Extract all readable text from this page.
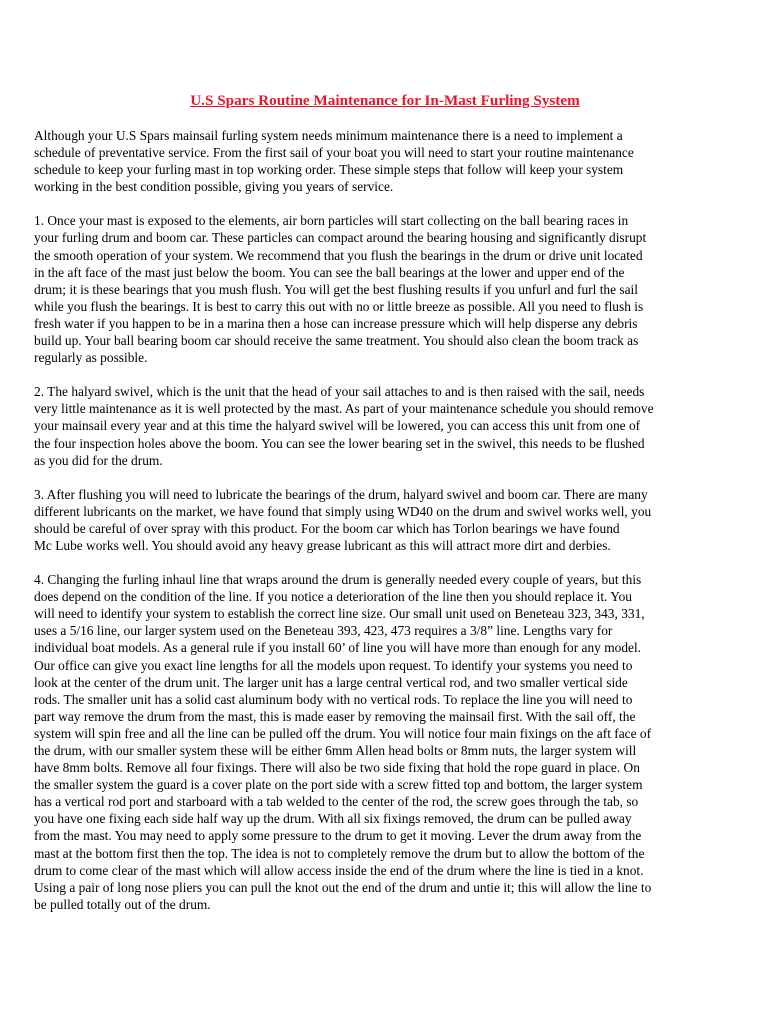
U.S Spars Routine Maintenance for In-Mast Furling System
Although your U.S Spars mainsail furling system needs minimum maintenance there is a need to implement a
schedule of preventative service. From the first sail of your boat you will need to start your routine maintenance
schedule to keep your furling mast in top working order. These simple steps that follow will keep your system
working in the best condition possible, giving you years of service.
1. Once your mast is exposed to the elements, air born particles will start collecting on the ball bearing races in
your furling drum and boom car. These particles can compact around the bearing housing and significantly disrupt
the smooth operation of your system. We recommend that you flush the bearings in the drum or drive unit located
in the aft face of the mast just below the boom. You can see the ball bearings at the lower and upper end of the
drum; it is these bearings that you mush flush. You will get the best flushing results if you unfurl and furl the sail
while you flush the bearings. It is best to carry this out with no or little breeze as possible. All you need to flush is
fresh water if you happen to be in a marina then a hose can increase pressure which will help disperse any debris
build up. Your ball bearing boom car should receive the same treatment. You should also clean the boom track as
regularly as possible.
2. The halyard swivel, which is the unit that the head of your sail attaches to and is then raised with the sail, needs
very little maintenance as it is well protected by the mast. As part of your maintenance schedule you should remove
your mainsail every year and at this time the halyard swivel will be lowered, you can access this unit from one of
the four inspection holes above the boom. You can see the lower bearing set in the swivel, this needs to be flushed
as you did for the drum.
3. After flushing you will need to lubricate the bearings of the drum, halyard swivel and boom car. There are many
different lubricants on the market, we have found that simply using WD40 on the drum and swivel works well, you
should be careful of over spray with this product. For the boom car which has Torlon bearings we have found
Mc Lube works well. You should avoid any heavy grease lubricant as this will attract more dirt and derbies.
4. Changing the furling inhaul line that wraps around the drum is generally needed every couple of years, but this
does depend on the condition of the line. If you notice a deterioration of the line then you should replace it. You
will need to identify your system to establish the correct line size. Our small unit used on Beneteau 323, 343, 331,
uses a 5/16 line, our larger system used on the Beneteau 393, 423, 473 requires a 3/8” line. Lengths vary for
individual boat models. As a general rule if you install 60’ of line you will have more than enough for any model.
Our office can give you exact line lengths for all the models upon request. To identify your systems you need to
look at the center of the drum unit. The larger unit has a large central vertical rod, and two smaller vertical side
rods. The smaller unit has a solid cast aluminum body with no vertical rods. To replace the line you will need to
part way remove the drum from the mast, this is made easer by removing the mainsail first. With the sail off, the
system will spin free and all the line can be pulled off the drum. You will notice four main fixings on the aft face of
the drum, with our smaller system these will be either 6mm Allen head bolts or 8mm nuts, the larger system will
have 8mm bolts. Remove all four fixings. There will also be two side fixing that hold the rope guard in place. On
the smaller system the guard is a cover plate on the port side with a screw fitted top and bottom, the larger system
has a vertical rod port and starboard with a tab welded to the center of the rod, the screw goes through the tab, so
you have one fixing each side half way up the drum. With all six fixings removed, the drum can be pulled away
from the mast. You may need to apply some pressure to the drum to get it moving. Lever the drum away from the
mast at the bottom first then the top. The idea is not to completely remove the drum but to allow the bottom of the
drum to come clear of the mast which will allow access inside the end of the drum where the line is tied in a knot.
Using a pair of long nose pliers you can pull the knot out the end of the drum and untie it; this will allow the line to
be pulled totally out of the drum.
